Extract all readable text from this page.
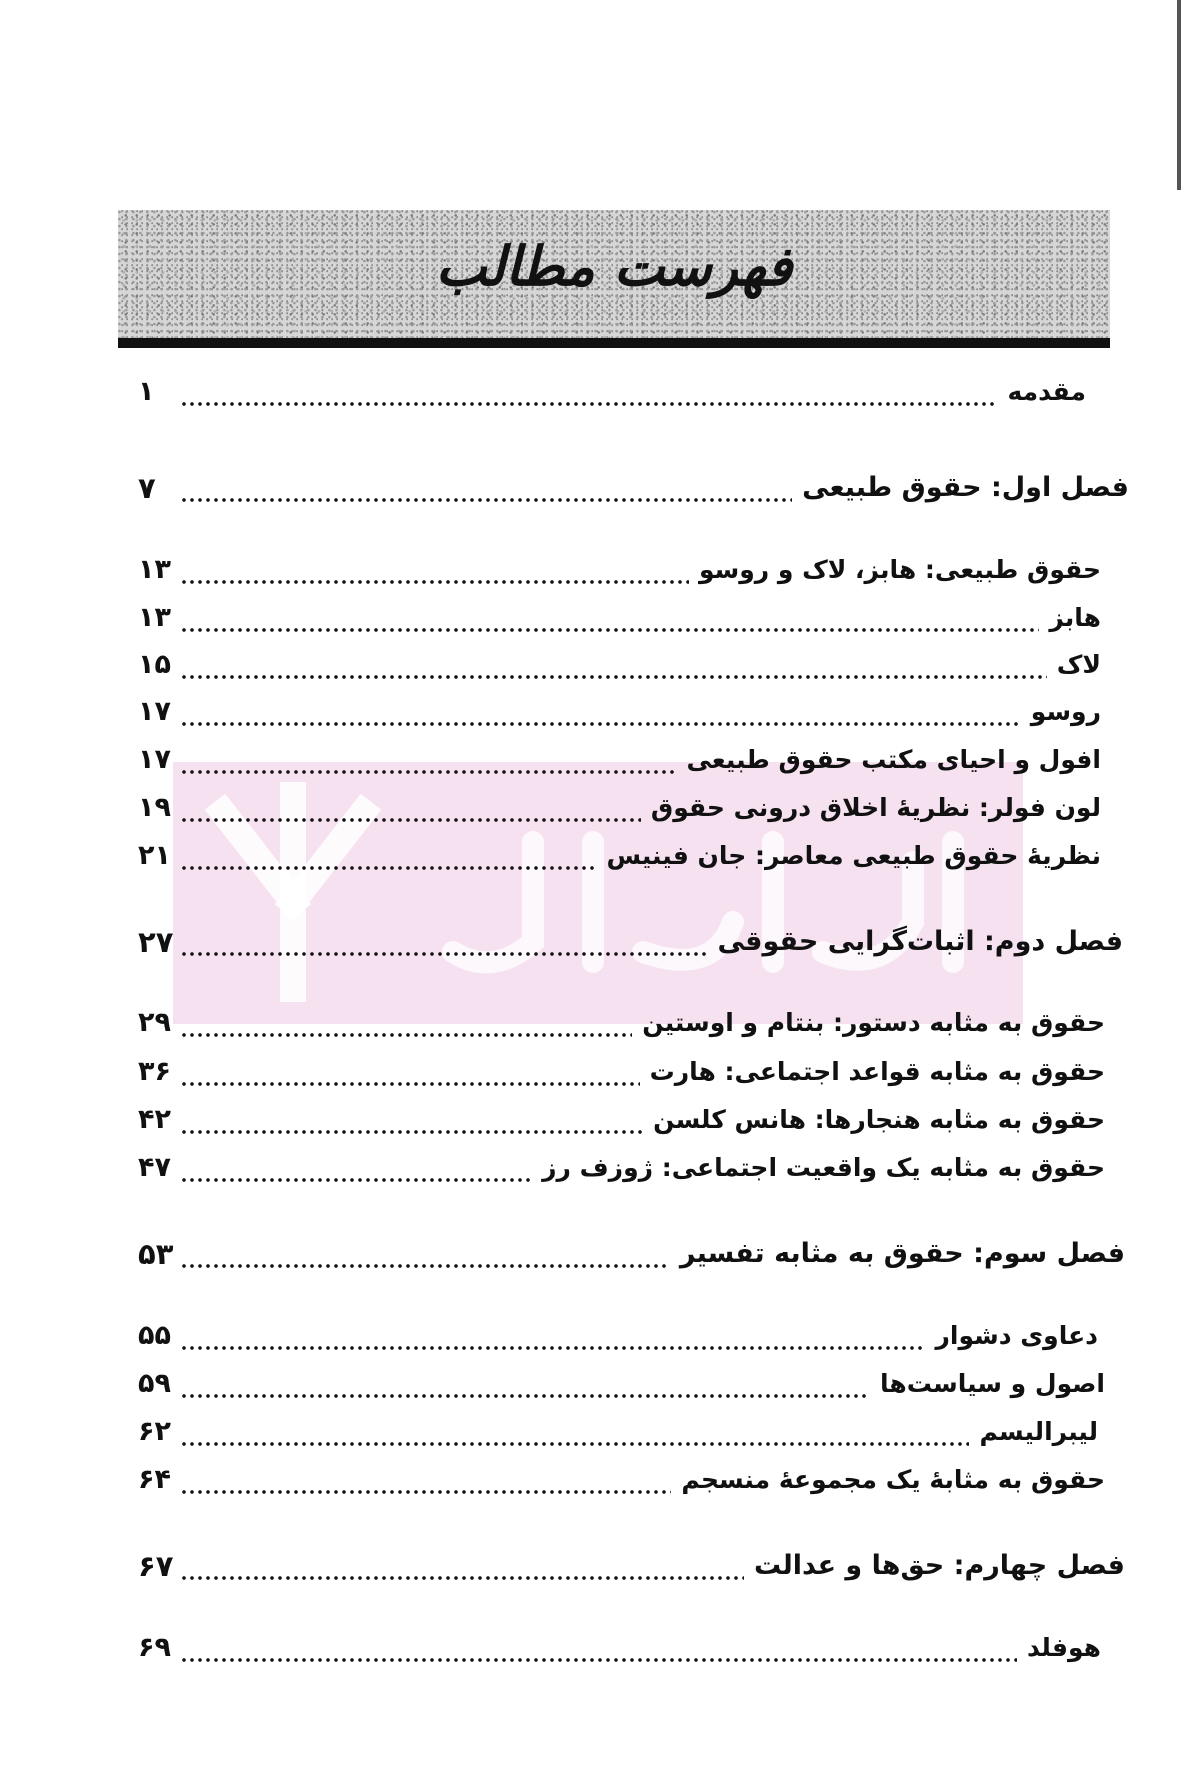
فهرست مطالب
مقدمه
۱
فصل اول: حقوق طبیعی
۷
حقوق طبیعی: هابز، لاک و روسو
۱۳
هابز
۱۳
لاک
۱۵
روسو
۱۷
افول و احیای مکتب حقوق طبیعی
۱۷
لون فولر: نظریهٔ اخلاق درونی حقوق
۱۹
نظریهٔ حقوق طبیعی معاصر: جان فینیس
۲۱
فصل دوم: اثبات‌گرایی حقوقی
۲۷
حقوق به مثابه دستور: بنتام و اوستین
۲۹
حقوق به مثابه قواعد اجتماعی: هارت
۳۶
حقوق به مثابه هنجارها: هانس کلسن
۴۲
حقوق به مثابه یک واقعیت اجتماعی: ژوزف رز
۴۷
فصل سوم: حقوق به مثابه تفسیر
۵۳
دعاوی دشوار
۵۵
اصول و سیاست‌ها
۵۹
لیبرالیسم
۶۲
حقوق به مثابهٔ یک مجموعهٔ منسجم
۶۴
فصل چهارم: حق‌ها و عدالت
۶۷
هوفلد
۶۹
